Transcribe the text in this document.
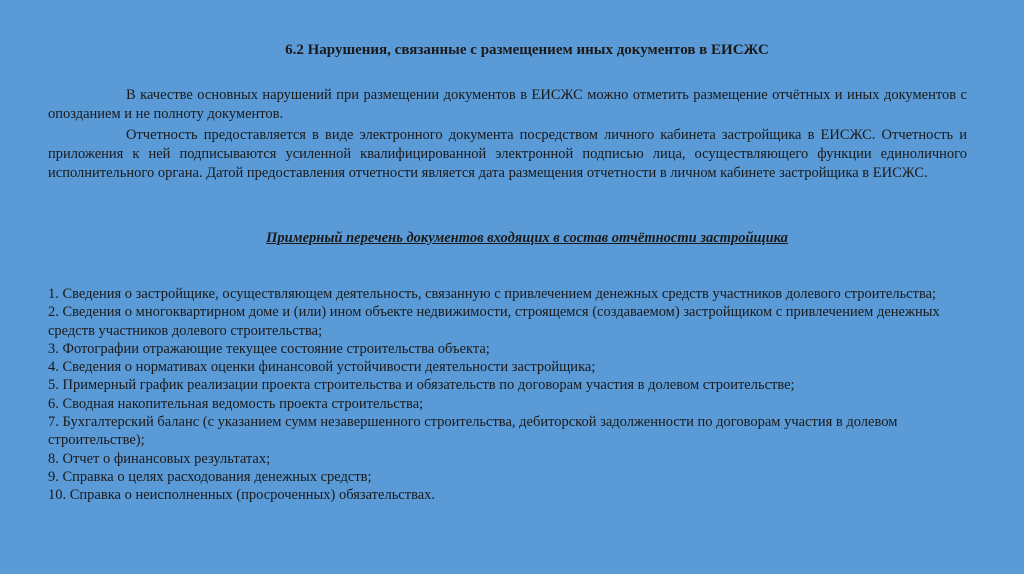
6.2 Нарушения, связанные с размещением иных документов в ЕИСЖС
В качестве основных нарушений при размещении документов в ЕИСЖС можно отметить размещение отчётных и иных документов с опозданием и не полноту документов.
Отчетность предоставляется в виде электронного документа посредством личного кабинета застройщика в ЕИСЖС. Отчетность и приложения к ней подписываются усиленной квалифицированной электронной подписью лица, осуществляющего функции единоличного исполнительного органа. Датой предоставления отчетности является дата размещения отчетности в личном кабинете застройщика в ЕИСЖС.
Примерный перечень документов входящих в состав отчётности застройщика
1. Сведения о застройщике, осуществляющем деятельность, связанную с привлечением денежных средств участников долевого строительства;
2. Сведения о многоквартирном доме и (или) ином объекте недвижимости, строящемся (создаваемом) застройщиком с привлечением денежных средств участников долевого строительства;
3. Фотографии отражающие текущее состояние строительства объекта;
4. Сведения о нормативах оценки финансовой устойчивости деятельности застройщика;
5. Примерный график реализации проекта строительства и обязательств по договорам участия в долевом строительстве;
6. Сводная накопительная ведомость проекта строительства;
7. Бухгалтерский баланс (с указанием сумм незавершенного строительства, дебиторской задолженности по договорам участия в долевом строительстве);
8. Отчет о финансовых результатах;
9. Справка о целях расходования денежных средств;
10. Справка о неисполненных (просроченных) обязательствах.
